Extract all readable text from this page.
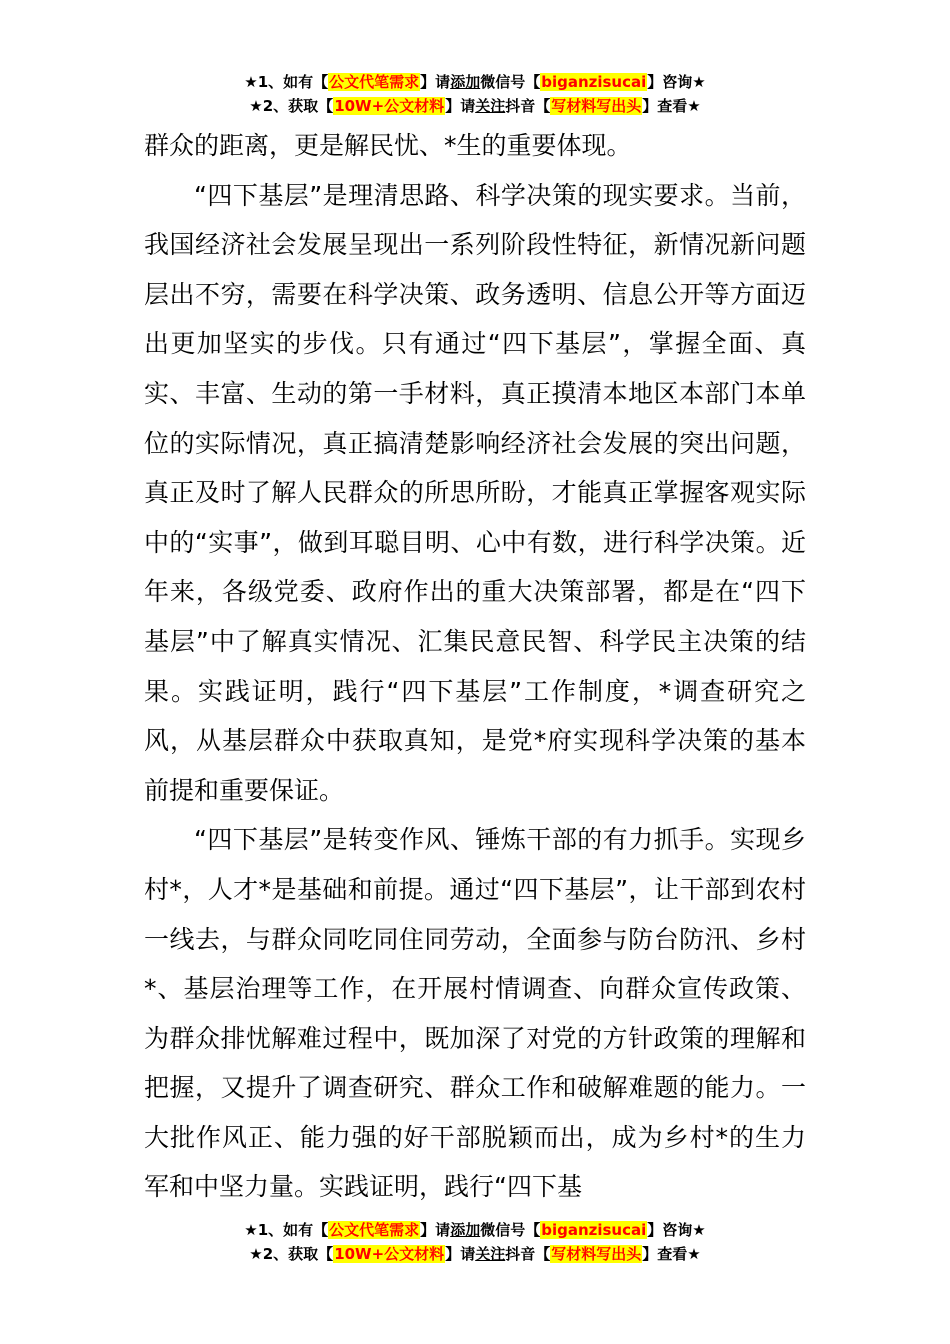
★1、如有【公文代笔需求】请添加微信号【biganzisucai】咨询★
★2、获取【10W+公文材料】请关注抖音【写材料写出头】查看★

群众的距离，更是解民忧、*生的重要体现。

“四下基层”是理清思路、科学决策的现实要求。当前，我国经济社会发展呈现出一系列阶段性特征，新情况新问题层出不穷，需要在科学决策、政务透明、信息公开等方面迈出更加坚实的步伐。只有通过“四下基层”，掌握全面、真实、丰富、生动的第一手材料，真正摸清本地区本部门本单位的实际情况，真正搞清楚影响经济社会发展的突出问题，真正及时了解人民群众的所思所盼，才能真正掌握客观实际中的“实事”，做到耳聪目明、心中有数，进行科学决策。近年来，各级党委、政府作出的重大决策部署，都是在“四下基层”中了解真实情况、汇集民意民智、科学民主决策的结果。实践证明，践行“四下基层”工作制度，*调查研究之风，从基层群众中获取真知，是党*府实现科学决策的基本前提和重要保证。

“四下基层”是转变作风、锤炼干部的有力抓手。实现乡村*，人才*是基础和前提。通过“四下基层”，让干部到农村一线去，与群众同吃同住同劳动，全面参与防台防汛、乡村*、基层治理等工作，在开展村情调查、向群众宣传政策、为群众排忧解难过程中，既加深了对党的方针政策的理解和把握，又提升了调查研究、群众工作和破解难题的能力。一大批作风正、能力强的好干部脱颖而出，成为乡村*的生力军和中坚力量。实践证明，践行“四下基

★1、如有【公文代笔需求】请添加微信号【biganzisucai】咨询★
★2、获取【10W+公文材料】请关注抖音【写材料写出头】查看★
